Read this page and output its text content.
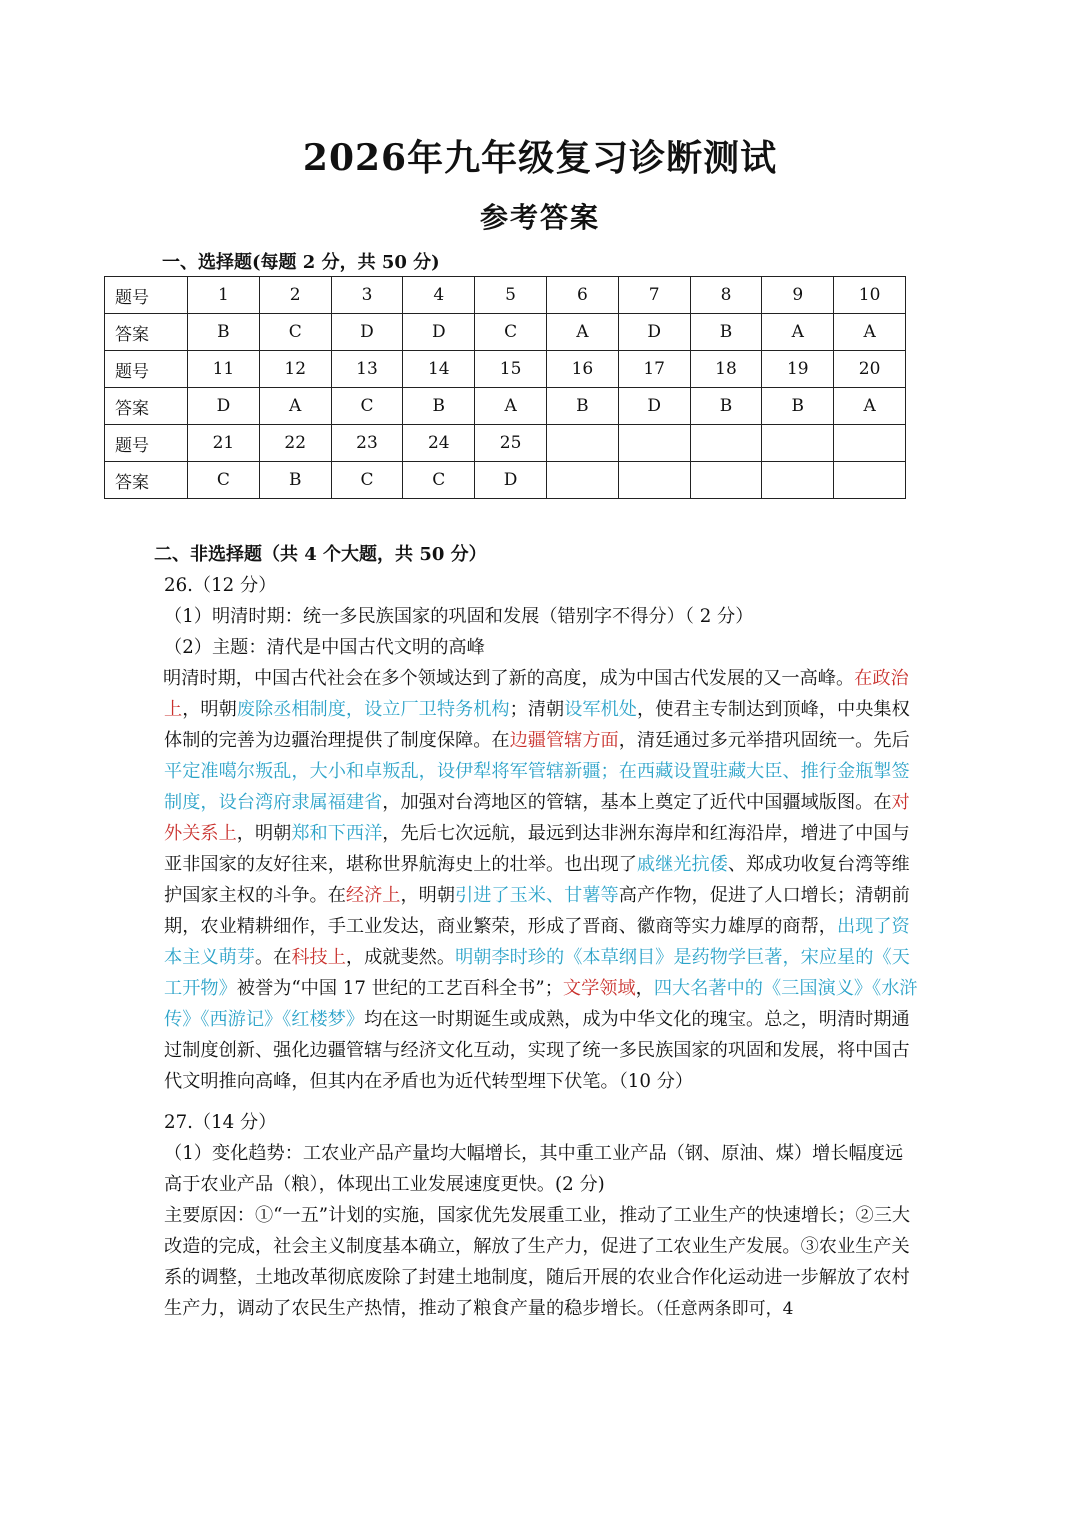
2026年九年级复习诊断测试
参考答案
一、选择题(每题 2 分，共 50 分)
题号	1	2	3	4	5	6	7	8	9	10
答案	B	C	D	D	C	A	D	B	A	A
题号	11	12	13	14	15	16	17	18	19	20
答案	D	A	C	B	A	B	D	B	B	A
题号	21	22	23	24	25					
答案	C	B	C	C	D					
二、非选择题（共 4 个大题，共 50 分）

26.（12 分）

（1）明清时期：统一多民族国家的巩固和发展（错别字不得分）（ 2 分）

（2）主题：清代是中国古代文明的高峰

明清时期，中国古代社会在多个领域达到了新的高度，成为中国古代发展的又一高峰。在政治上，明朝废除丞相制度，设立厂卫特务机构；清朝设军机处，使君主专制达到顶峰，中央集权体制的完善为边疆治理提供了制度保障。在边疆管辖方面，清廷通过多元举措巩固统一。先后平定准噶尔叛乱，大小和卓叛乱，设伊犁将军管辖新疆；在西藏设置驻藏大臣、推行金瓶掣签制度，设台湾府隶属福建省，加强对台湾地区的管辖，基本上奠定了近代中国疆域版图。在对外关系上，明朝郑和下西洋，先后七次远航，最远到达非洲东海岸和红海沿岸，增进了中国与亚非国家的友好往来，堪称世界航海史上的壮举。也出现了戚继光抗倭、郑成功收复台湾等维护国家主权的斗争。在经济上，明朝引进了玉米、甘薯等高产作物，促进了人口增长；清朝前期，农业精耕细作，手工业发达，商业繁荣，形成了晋商、徽商等实力雄厚的商帮，出现了资本主义萌芽。在科技上，成就斐然。明朝李时珍的《本草纲目》是药物学巨著，宋应星的《天工开物》被誉为“中国 17 世纪的工艺百科全书”；文学领域，四大名著中的《三国演义》《水浒传》《西游记》《红楼梦》均在这一时期诞生或成熟，成为中华文化的瑰宝。总之，明清时期通过制度创新、强化边疆管辖与经济文化互动，实现了统一多民族国家的巩固和发展，将中国古代文明推向高峰，但其内在矛盾也为近代转型埋下伏笔。（10 分）

27.（14 分）

（1）变化趋势：工农业产品产量均大幅增长，其中重工业产品（钢、原油、煤）增长幅度远高于农业产品（粮），体现出工业发展速度更快。(2 分)

主要原因：①“一五”计划的实施，国家优先发展重工业，推动了工业生产的快速增长；②三大改造的完成，社会主义制度基本确立，解放了生产力，促进了工农业生产发展。③农业生产关系的调整，土地改革彻底废除了封建土地制度，随后开展的农业合作化运动进一步解放了农村生产力，调动了农民生产热情，推动了粮食产量的稳步增长。（任意两条即可，4
